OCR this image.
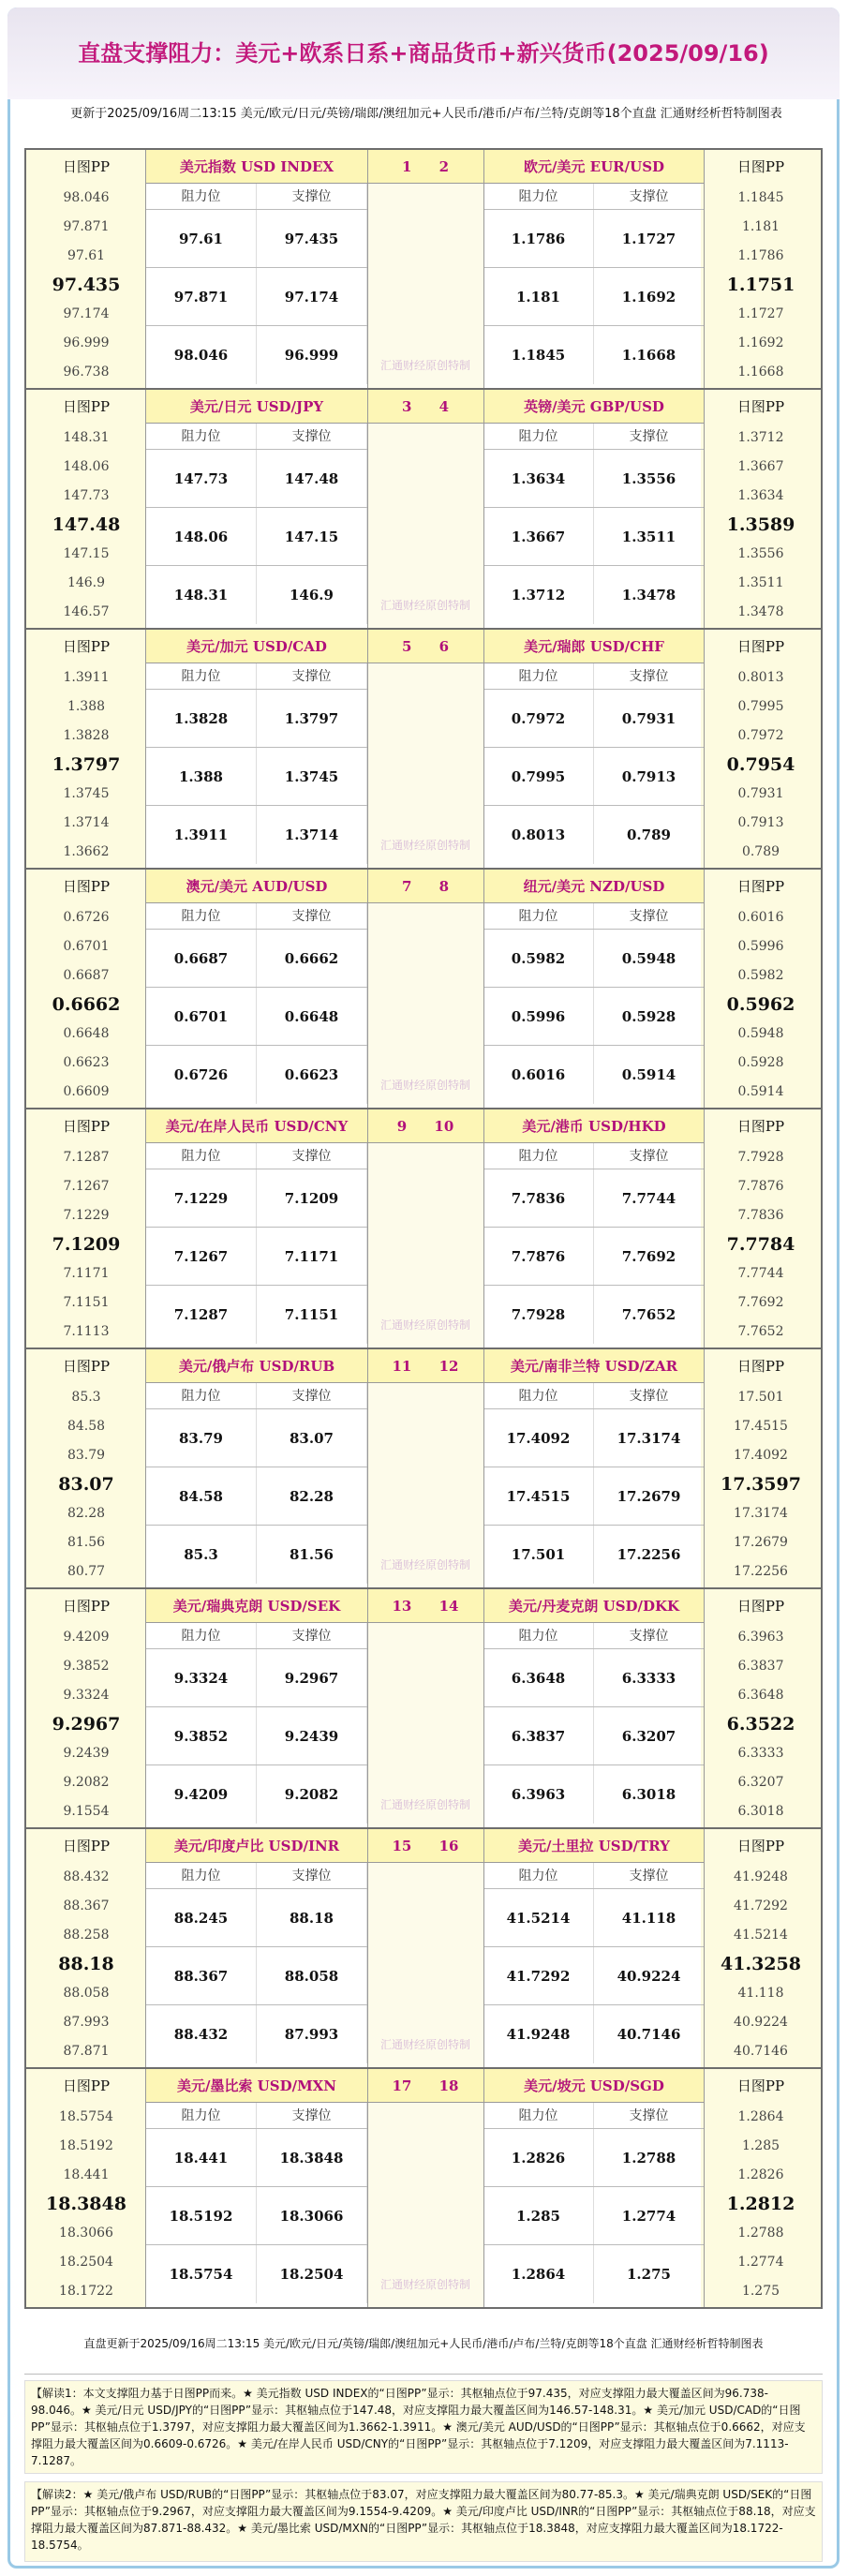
直盘支撑阻力：美元+欧系日系+商品货币+新兴货币(2025/09/16)
更新于2025/09/16周二13:15 美元/欧元/日元/英镑/瑞郎/澳纽加元+人民币/港币/卢布/兰特/克朗等18个直盘 汇通财经析哲特制图表
日图PP
98.046
97.871
97.61
97.435
97.174
96.999
96.738
美元指数 USD INDEX
阻力位	支撑位
97.61	97.435
97.871	97.174
98.046	96.999
日图PP
1.1845
1.181
1.1786
1.1751
1.1727
1.1692
1.1668
欧元/美元 EUR/USD
阻力位	支撑位
1.1786	1.1727
1.181	1.1692
1.1845	1.1668
1 2
汇通财经原创特制
日图PP
148.31
148.06
147.73
147.48
147.15
146.9
146.57
美元/日元 USD/JPY
阻力位	支撑位
147.73	147.48
148.06	147.15
148.31	146.9
日图PP
1.3712
1.3667
1.3634
1.3589
1.3556
1.3511
1.3478
英镑/美元 GBP/USD
阻力位	支撑位
1.3634	1.3556
1.3667	1.3511
1.3712	1.3478
3 4
汇通财经原创特制
日图PP
1.3911
1.388
1.3828
1.3797
1.3745
1.3714
1.3662
美元/加元 USD/CAD
阻力位	支撑位
1.3828	1.3797
1.388	1.3745
1.3911	1.3714
日图PP
0.8013
0.7995
0.7972
0.7954
0.7931
0.7913
0.789
美元/瑞郎 USD/CHF
阻力位	支撑位
0.7972	0.7931
0.7995	0.7913
0.8013	0.789
5 6
汇通财经原创特制
日图PP
0.6726
0.6701
0.6687
0.6662
0.6648
0.6623
0.6609
澳元/美元 AUD/USD
阻力位	支撑位
0.6687	0.6662
0.6701	0.6648
0.6726	0.6623
日图PP
0.6016
0.5996
0.5982
0.5962
0.5948
0.5928
0.5914
纽元/美元 NZD/USD
阻力位	支撑位
0.5982	0.5948
0.5996	0.5928
0.6016	0.5914
7 8
汇通财经原创特制
日图PP
7.1287
7.1267
7.1229
7.1209
7.1171
7.1151
7.1113
美元/在岸人民币 USD/CNY
阻力位	支撑位
7.1229	7.1209
7.1267	7.1171
7.1287	7.1151
日图PP
7.7928
7.7876
7.7836
7.7784
7.7744
7.7692
7.7652
美元/港币 USD/HKD
阻力位	支撑位
7.7836	7.7744
7.7876	7.7692
7.7928	7.7652
9 10
汇通财经原创特制
日图PP
85.3
84.58
83.79
83.07
82.28
81.56
80.77
美元/俄卢布 USD/RUB
阻力位	支撑位
83.79	83.07
84.58	82.28
85.3	81.56
日图PP
17.501
17.4515
17.4092
17.3597
17.3174
17.2679
17.2256
美元/南非兰特 USD/ZAR
阻力位	支撑位
17.4092	17.3174
17.4515	17.2679
17.501	17.2256
11 12
汇通财经原创特制
日图PP
9.4209
9.3852
9.3324
9.2967
9.2439
9.2082
9.1554
美元/瑞典克朗 USD/SEK
阻力位	支撑位
9.3324	9.2967
9.3852	9.2439
9.4209	9.2082
日图PP
6.3963
6.3837
6.3648
6.3522
6.3333
6.3207
6.3018
美元/丹麦克朗 USD/DKK
阻力位	支撑位
6.3648	6.3333
6.3837	6.3207
6.3963	6.3018
13 14
汇通财经原创特制
日图PP
88.432
88.367
88.258
88.18
88.058
87.993
87.871
美元/印度卢比 USD/INR
阻力位	支撑位
88.245	88.18
88.367	88.058
88.432	87.993
日图PP
41.9248
41.7292
41.5214
41.3258
41.118
40.9224
40.7146
美元/土里拉 USD/TRY
阻力位	支撑位
41.5214	41.118
41.7292	40.9224
41.9248	40.7146
15 16
汇通财经原创特制
日图PP
18.5754
18.5192
18.441
18.3848
18.3066
18.2504
18.1722
美元/墨比索 USD/MXN
阻力位	支撑位
18.441	18.3848
18.5192	18.3066
18.5754	18.2504
日图PP
1.2864
1.285
1.2826
1.2812
1.2788
1.2774
1.275
美元/坡元 USD/SGD
阻力位	支撑位
1.2826	1.2788
1.285	1.2774
1.2864	1.275
17 18
汇通财经原创特制
直盘更新于2025/09/16周二13:15 美元/欧元/日元/英镑/瑞郎/澳纽加元+人民币/港币/卢布/兰特/克朗等18个直盘 汇通财经析哲特制图表
【解读1：本文支撑阻力基于日图PP而来。★ 美元指数 USD INDEX的“日图PP”显示：其枢轴点位于97.435，对应支撑阻力最大覆盖区间为96.738-98.046。★ 美元/日元 USD/JPY的“日图PP”显示：其枢轴点位于147.48，对应支撑阻力最大覆盖区间为146.57-148.31。★ 美元/加元 USD/CAD的“日图PP”显示：其枢轴点位于1.3797，对应支撑阻力最大覆盖区间为1.3662-1.3911。★ 澳元/美元 AUD/USD的“日图PP”显示：其枢轴点位于0.6662，对应支撑阻力最大覆盖区间为0.6609-0.6726。★ 美元/在岸人民币 USD/CNY的“日图PP”显示：其枢轴点位于7.1209，对应支撑阻力最大覆盖区间为7.1113-7.1287。
【解读2：★ 美元/俄卢布 USD/RUB的“日图PP”显示：其枢轴点位于83.07，对应支撑阻力最大覆盖区间为80.77-85.3。★ 美元/瑞典克朗 USD/SEK的“日图PP”显示：其枢轴点位于9.2967，对应支撑阻力最大覆盖区间为9.1554-9.4209。★ 美元/印度卢比 USD/INR的“日图PP”显示：其枢轴点位于88.18，对应支撑阻力最大覆盖区间为87.871-88.432。★ 美元/墨比索 USD/MXN的“日图PP”显示：其枢轴点位于18.3848，对应支撑阻力最大覆盖区间为18.1722-18.5754。
